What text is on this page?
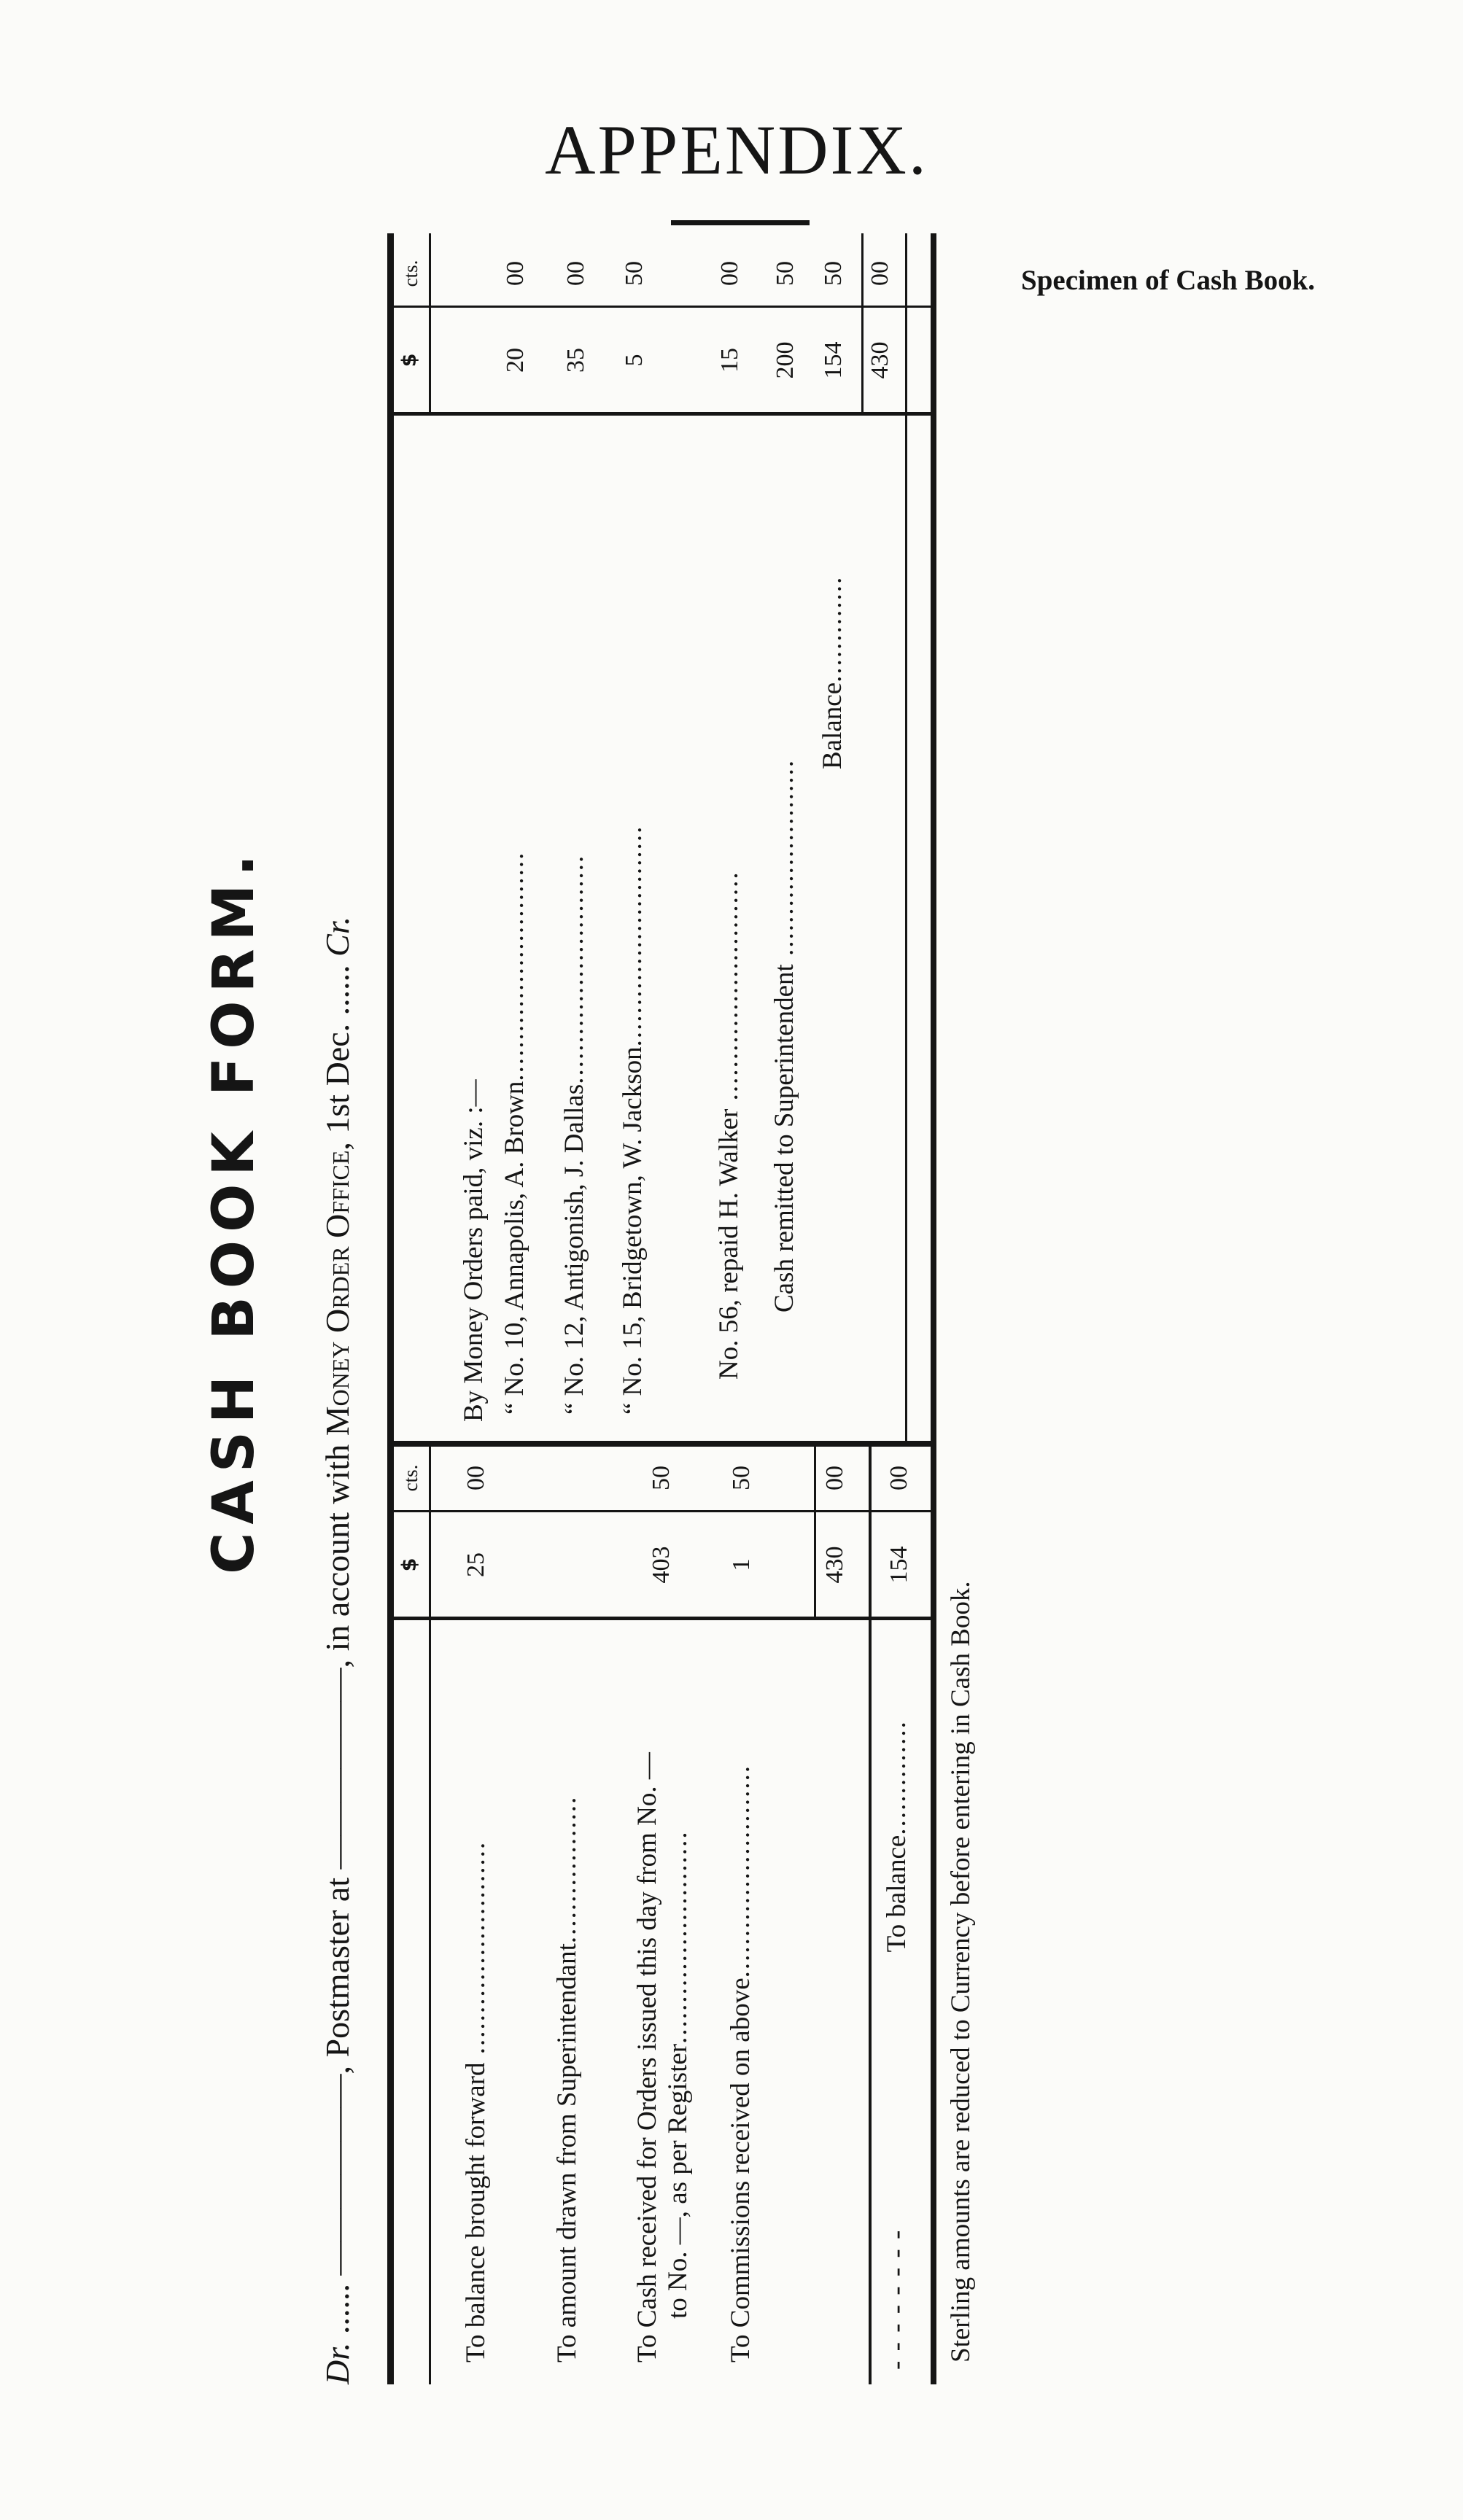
APPENDIX.
Specimen of Cash Book.
CASH BOOK FORM.
Dr. ...... ——————, Postmaster at ——————, in account with Money Order Office, 1st Dec. ...... Cr.
$
cts.
$
cts.
To balance brought forward ..........................
25
00
To amount drawn from Superintendant.................. To Cash received for Orders issued this day from No. — to No. —, as per Register..........................
403
50
To Commissions received on above..........................
1
50
430
00
- - - - - - - -                                         To balance..............
154
00
By Money Orders paid, viz. :— “ No. 10, Annapolis, A. Brown............................
20
00
“ No. 12, Antigonish, J. Dallas............................
35
00
“ No. 15, Bridgetown, W. Jackson...........................
5
50
No. 56, repaid H. Walker ............................
15
00
Cash remitted to Superintendent ........................
200
50
Balance.............
154
50
430
00
Sterling amounts are reduced to Currency before entering in Cash Book.
